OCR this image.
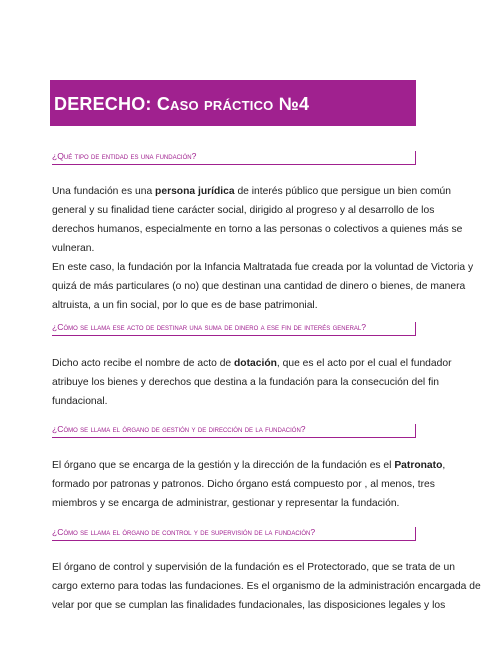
DERECHO: Caso práctico №4
¿Qué tipo de entidad es una fundación?
Una fundación es una persona jurídica de interés público que persigue un bien común
general y su finalidad tiene carácter social, dirigido al progreso y al desarrollo de los
derechos humanos, especialmente en torno a las personas o colectivos a quienes más se
vulneran.
En este caso, la fundación por la Infancia Maltratada fue creada por la voluntad de Victoria y
quizá de más particulares (o no) que destinan una cantidad de dinero o bienes, de manera
altruista, a un fin social, por lo que es de base patrimonial.
¿Cómo se llama ese acto de destinar una suma de dinero a ese fin de interés general?
Dicho acto recibe el nombre de acto de dotación, que es el acto por el cual el fundador
atribuye los bienes y derechos que destina a la fundación para la consecución del fin
fundacional.
¿Cómo se llama el órgano de gestión y de dirección de la fundación?
El órgano que se encarga de la gestión y la dirección de la fundación es el Patronato,
formado por patronas y patronos. Dicho órgano está compuesto por , al menos, tres
miembros y se encarga de administrar, gestionar y representar la fundación.
¿Cómo se llama el órgano de control y de supervisión de la fundación?
El órgano de control y supervisión de la fundación es el Protectorado, que se trata de un
cargo externo para todas las fundaciones. Es el organismo de la administración encargada de
velar por que se cumplan las finalidades fundacionales, las disposiciones legales y los
